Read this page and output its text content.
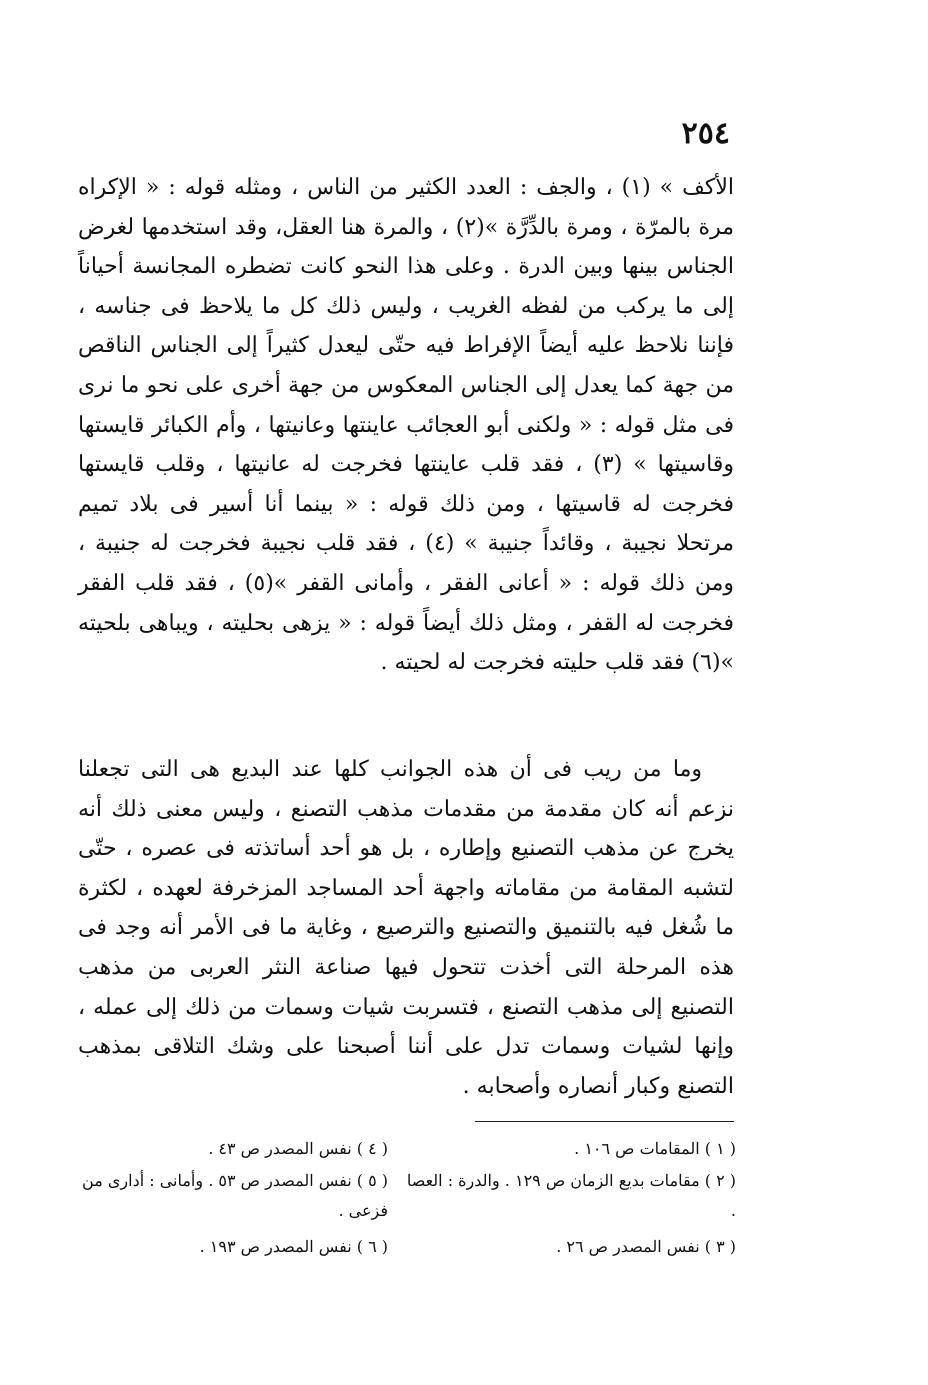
٢٥٤

الأكف » (١) ، والجف : العدد الكثير من الناس ، ومثله قوله : « الإكراه مرة بالمرّة ، ومرة بالدِّرَّة »(٢) ، والمرة هنا العقل، وقد استخدمها لغرض الجناس بينها وبين الدرة . وعلى هذا النحو كانت تضطره المجانسة أحياناً إلى ما يركب من لفظه الغريب ، وليس ذلك كل ما يلاحظ فى جناسه ، فإننا نلاحظ عليه أيضاً الإفراط فيه حتّى ليعدل كثيراً إلى الجناس الناقص من جهة كما يعدل إلى الجناس المعكوس من جهة أخرى على نحو ما نرى فى مثل قوله : « ولكنى أبو العجائب عاينتها وعانيتها ، وأم الكبائر قايستها وقاسيتها » (٣) ، فقد قلب عاينتها فخرجت له عانيتها ، وقلب قايستها فخرجت له قاسيتها ، ومن ذلك قوله : « بينما أنا أسير فى بلاد تميم مرتحلا نجيبة ، وقائداً جنيبة » (٤) ، فقد قلب نجيبة فخرجت له جنيبة ، ومن ذلك قوله : « أعانى الفقر ، وأمانى القفر »(٥) ، فقد قلب الفقر فخرجت له القفر ، ومثل ذلك أيضاً قوله : « يزهى بحليته ، ويباهى بلحيته »(٦) فقد قلب حليته فخرجت له لحيته .

وما من ريب فى أن هذه الجوانب كلها عند البديع هى التى تجعلنا نزعم أنه كان مقدمة من مقدمات مذهب التصنع ، وليس معنى ذلك أنه يخرج عن مذهب التصنيع وإطاره ، بل هو أحد أساتذته فى عصره ، حتّى لتشبه المقامة من مقاماته واجهة أحد المساجد المزخرفة لعهده ، لكثرة ما شُغل فيه بالتنميق والتصنيع والترصيع ، وغاية ما فى الأمر أنه وجد فى هذه المرحلة التى أخذت تتحول فيها صناعة النثر العربى من مذهب التصنيع إلى مذهب التصنع ، فتسربت شيات وسمات من ذلك إلى عمله ، وإنها لشيات وسمات تدل على أننا أصبحنا على وشك التلاقى بمذهب التصنع وكبار أنصاره وأصحابه .

( ١ ) المقامات ص ١٠٦ .

( ٢ ) مقامات بديع الزمان ص ١٢٩ . والدرة : العصا .

( ٣ ) نفس المصدر ص ٢٦ .

( ٤ ) نفس المصدر ص ٤٣ .

( ٥ ) نفس المصدر ص ٥٣ . وأمانى : أدارى من فزعى .

( ٦ ) نفس المصدر ص ١٩٣ .
